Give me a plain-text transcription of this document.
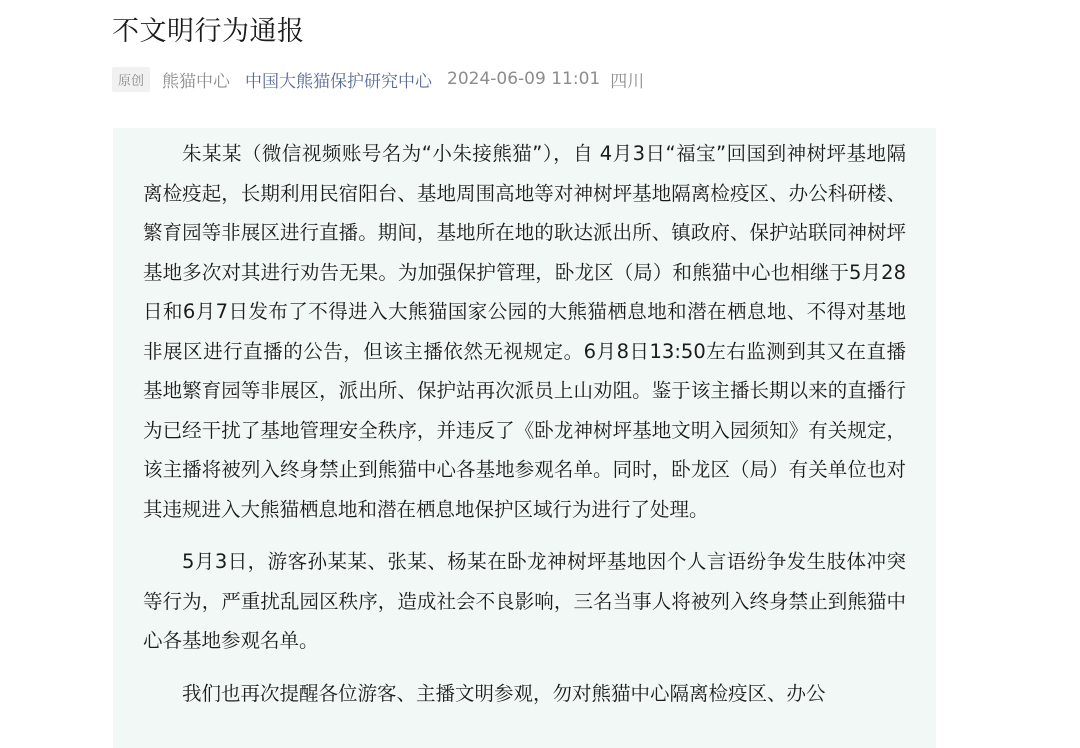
不文明行为通报
原创	熊猫中心 中国大熊猫保护研究中心 2024-06-09 11:01 四川

朱某某（微信视频账号名为“小朱接熊猫”），自 4月3日“福宝”回国到神树坪基地隔离检疫起，长期利用民宿阳台、基地周围高地等对神树坪基地隔离检疫区、办公科研楼、繁育园等非展区进行直播。期间，基地所在地的耿达派出所、镇政府、保护站联同神树坪基地多次对其进行劝告无果。为加强保护管理，卧龙区（局）和熊猫中心也相继于5月28日和6月7日发布了不得进入大熊猫国家公园的大熊猫栖息地和潜在栖息地、不得对基地非展区进行直播的公告，但该主播依然无视规定。6月8日13:50左右监测到其又在直播基地繁育园等非展区，派出所、保护站再次派员上山劝阻。鉴于该主播长期以来的直播行为已经干扰了基地管理安全秩序，并违反了《卧龙神树坪基地文明入园须知》有关规定，该主播将被列入终身禁止到熊猫中心各基地参观名单。同时，卧龙区（局）有关单位也对其违规进入大熊猫栖息地和潜在栖息地保护区域行为进行了处理。

5月3日，游客孙某某、张某、杨某在卧龙神树坪基地因个人言语纷争发生肢体冲突等行为，严重扰乱园区秩序，造成社会不良影响，三名当事人将被列入终身禁止到熊猫中心各基地参观名单。

我们也再次提醒各位游客、主播文明参观，勿对熊猫中心隔离检疫区、办公
